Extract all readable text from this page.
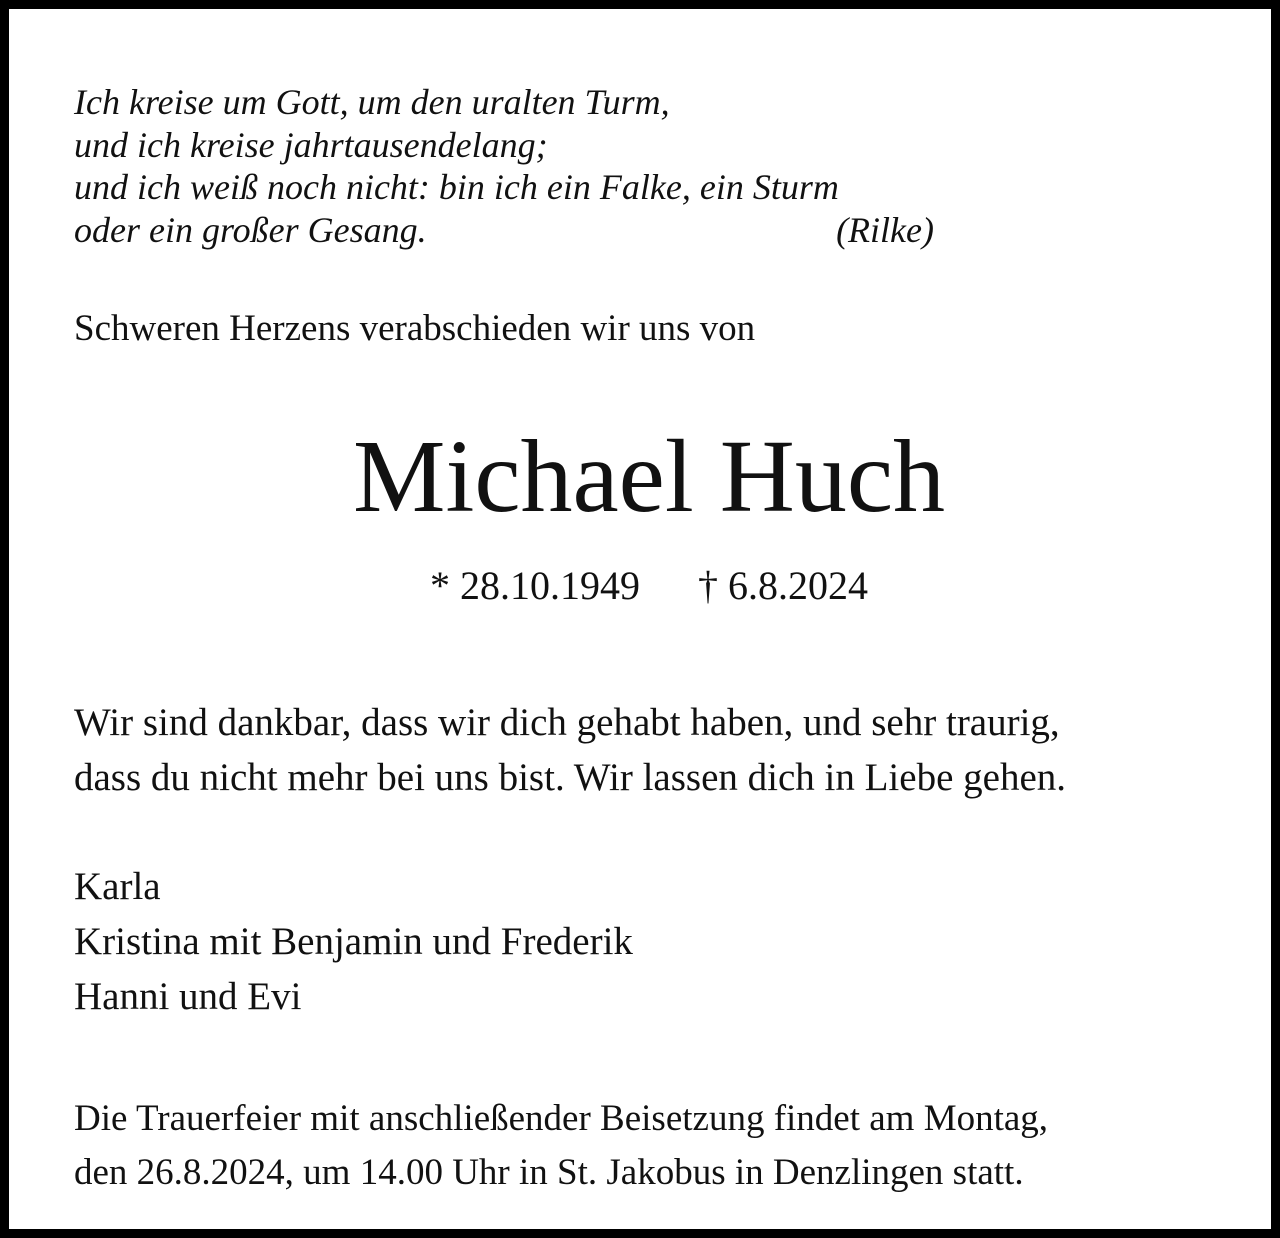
Ich kreise um Gott, um den uralten Turm,
und ich kreise jahrtausendelang;
und ich weiß noch nicht: bin ich ein Falke, ein Sturm
oder ein großer Gesang.	(Rilke)
Schweren Herzens verabschieden wir uns von
Michael Huch
* 28.10.1949 † 6.8.2024
Wir sind dankbar, dass wir dich gehabt haben, und sehr traurig,
dass du nicht mehr bei uns bist. Wir lassen dich in Liebe gehen.
Karla
Kristina mit Benjamin und Frederik
Hanni und Evi
Die Trauerfeier mit anschließender Beisetzung findet am Montag,
den 26.8.2024, um 14.00 Uhr in St. Jakobus in Denzlingen statt.
